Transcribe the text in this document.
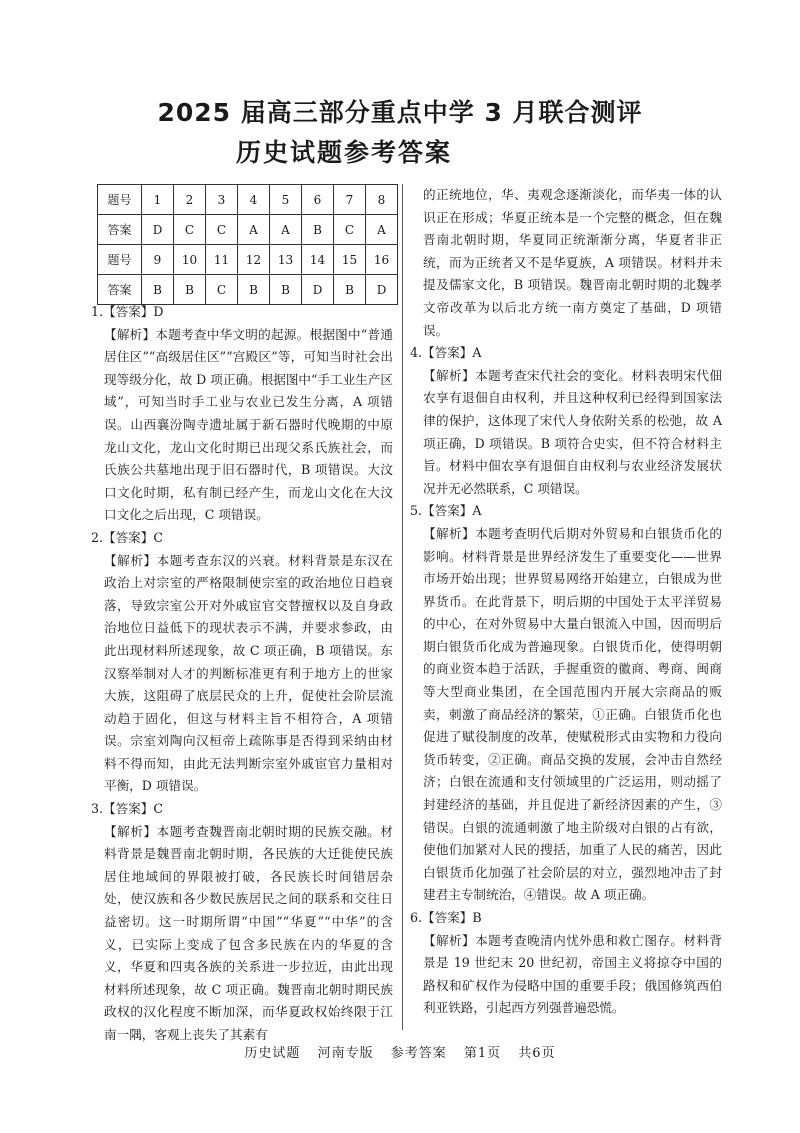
2025 届高三部分重点中学 3 月联合测评
历史试题参考答案
题号	1	2	3	4	5	6	7	8
答案	D	C	C	A	A	B	C	A
题号	9	10	11	12	13	14	15	16
答案	B	B	C	B	B	D	B	D
1.【答案】D
【解析】本题考查中华文明的起源。根据图中“普通居住区”“高级居住区”“宫殿区”等，可知当时社会出现等级分化，故 D 项正确。根据图中“手工业生产区域”，可知当时手工业与农业已发生分离，A 项错误。山西襄汾陶寺遗址属于新石器时代晚期的中原龙山文化，龙山文化时期已出现父系氏族社会，而氏族公共墓地出现于旧石器时代，B 项错误。大汶口文化时期，私有制已经产生，而龙山文化在大汶口文化之后出现，C 项错误。
2.【答案】C
【解析】本题考查东汉的兴衰。材料背景是东汉在政治上对宗室的严格限制使宗室的政治地位日趋衰落，导致宗室公开对外戚宦官交替擅权以及自身政治地位日益低下的现状表示不满，并要求参政，由此出现材料所述现象，故 C 项正确，B 项错误。东汉察举制对人才的判断标准更有利于地方上的世家大族，这阻碍了底层民众的上升，促使社会阶层流动趋于固化，但这与材料主旨不相符合，A 项错误。宗室刘陶向汉桓帝上疏陈事是否得到采纳由材料不得而知，由此无法判断宗室外戚宦官力量相对平衡，D 项错误。
3.【答案】C
【解析】本题考查魏晋南北朝时期的民族交融。材料背景是魏晋南北朝时期，各民族的大迁徙使民族居住地域间的界限被打破，各民族长时间错居杂处，使汉族和各少数民族居民之间的联系和交往日益密切。这一时期所谓“中国”“华夏”“中华”的含义，已实际上变成了包含多民族在内的华夏的含义，华夏和四夷各族的关系进一步拉近，由此出现材料所述现象，故 C 项正确。魏晋南北朝时期民族政权的汉化程度不断加深，而华夏政权始终限于江南一隅，客观上丧失了其素有
的正统地位，华、夷观念逐渐淡化，而华夷一体的认识正在形成；华夏正统本是一个完整的概念，但在魏晋南北朝时期，华夏同正统渐渐分离，华夏者非正统，而为正统者又不是华夏族，A 项错误。材料并未提及儒家文化，B 项错误。魏晋南北朝时期的北魏孝文帝改革为以后北方统一南方奠定了基础，D 项错误。
4.【答案】A
【解析】本题考查宋代社会的变化。材料表明宋代佃农享有退佃自由权利，并且这种权利已经得到国家法律的保护，这体现了宋代人身依附关系的松弛，故 A 项正确，D 项错误。B 项符合史实，但不符合材料主旨。材料中佃农享有退佃自由权利与农业经济发展状况并无必然联系，C 项错误。
5.【答案】A
【解析】本题考查明代后期对外贸易和白银货币化的影响。材料背景是世界经济发生了重要变化——世界市场开始出现；世界贸易网络开始建立，白银成为世界货币。在此背景下，明后期的中国处于太平洋贸易的中心，在对外贸易中大量白银流入中国，因而明后期白银货币化成为普遍现象。白银货币化，使得明朝的商业资本趋于活跃，手握重资的徽商、粤商、闽商等大型商业集团，在全国范围内开展大宗商品的贩卖，刺激了商品经济的繁荣，①正确。白银货币化也促进了赋役制度的改革，使赋税形式由实物和力役向货币转变，②正确。商品交换的发展，会冲击自然经济；白银在流通和支付领域里的广泛运用，则动摇了封建经济的基础，并且促进了新经济因素的产生，③错误。白银的流通刺激了地主阶级对白银的占有欲，使他们加紧对人民的搜括，加重了人民的痛苦，因此白银货币化加强了社会阶层的对立，强烈地冲击了封建君主专制统治，④错误。故 A 项正确。
6.【答案】B
【解析】本题考查晚清内忧外患和救亡图存。材料背景是 19 世纪末 20 世纪初，帝国主义将掠夺中国的路权和矿权作为侵略中国的重要手段；俄国修筑西伯利亚铁路，引起西方列强普遍恐慌。
历史试题 河南专版 参考答案 第1页 共6页
